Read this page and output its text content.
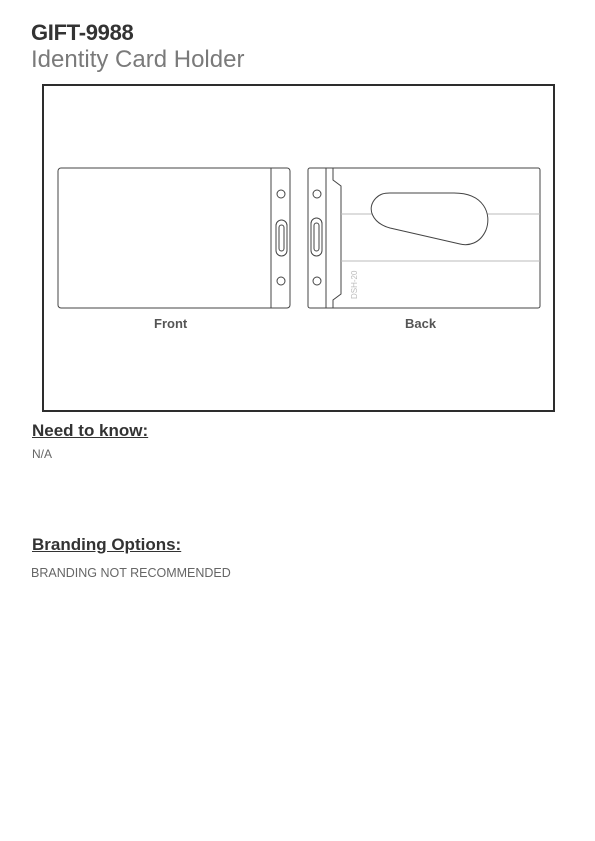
GIFT-9988
Identity Card Holder
DSH-20
Front	Back
Need to know:
N/A
Branding Options:
BRANDING NOT RECOMMENDED
